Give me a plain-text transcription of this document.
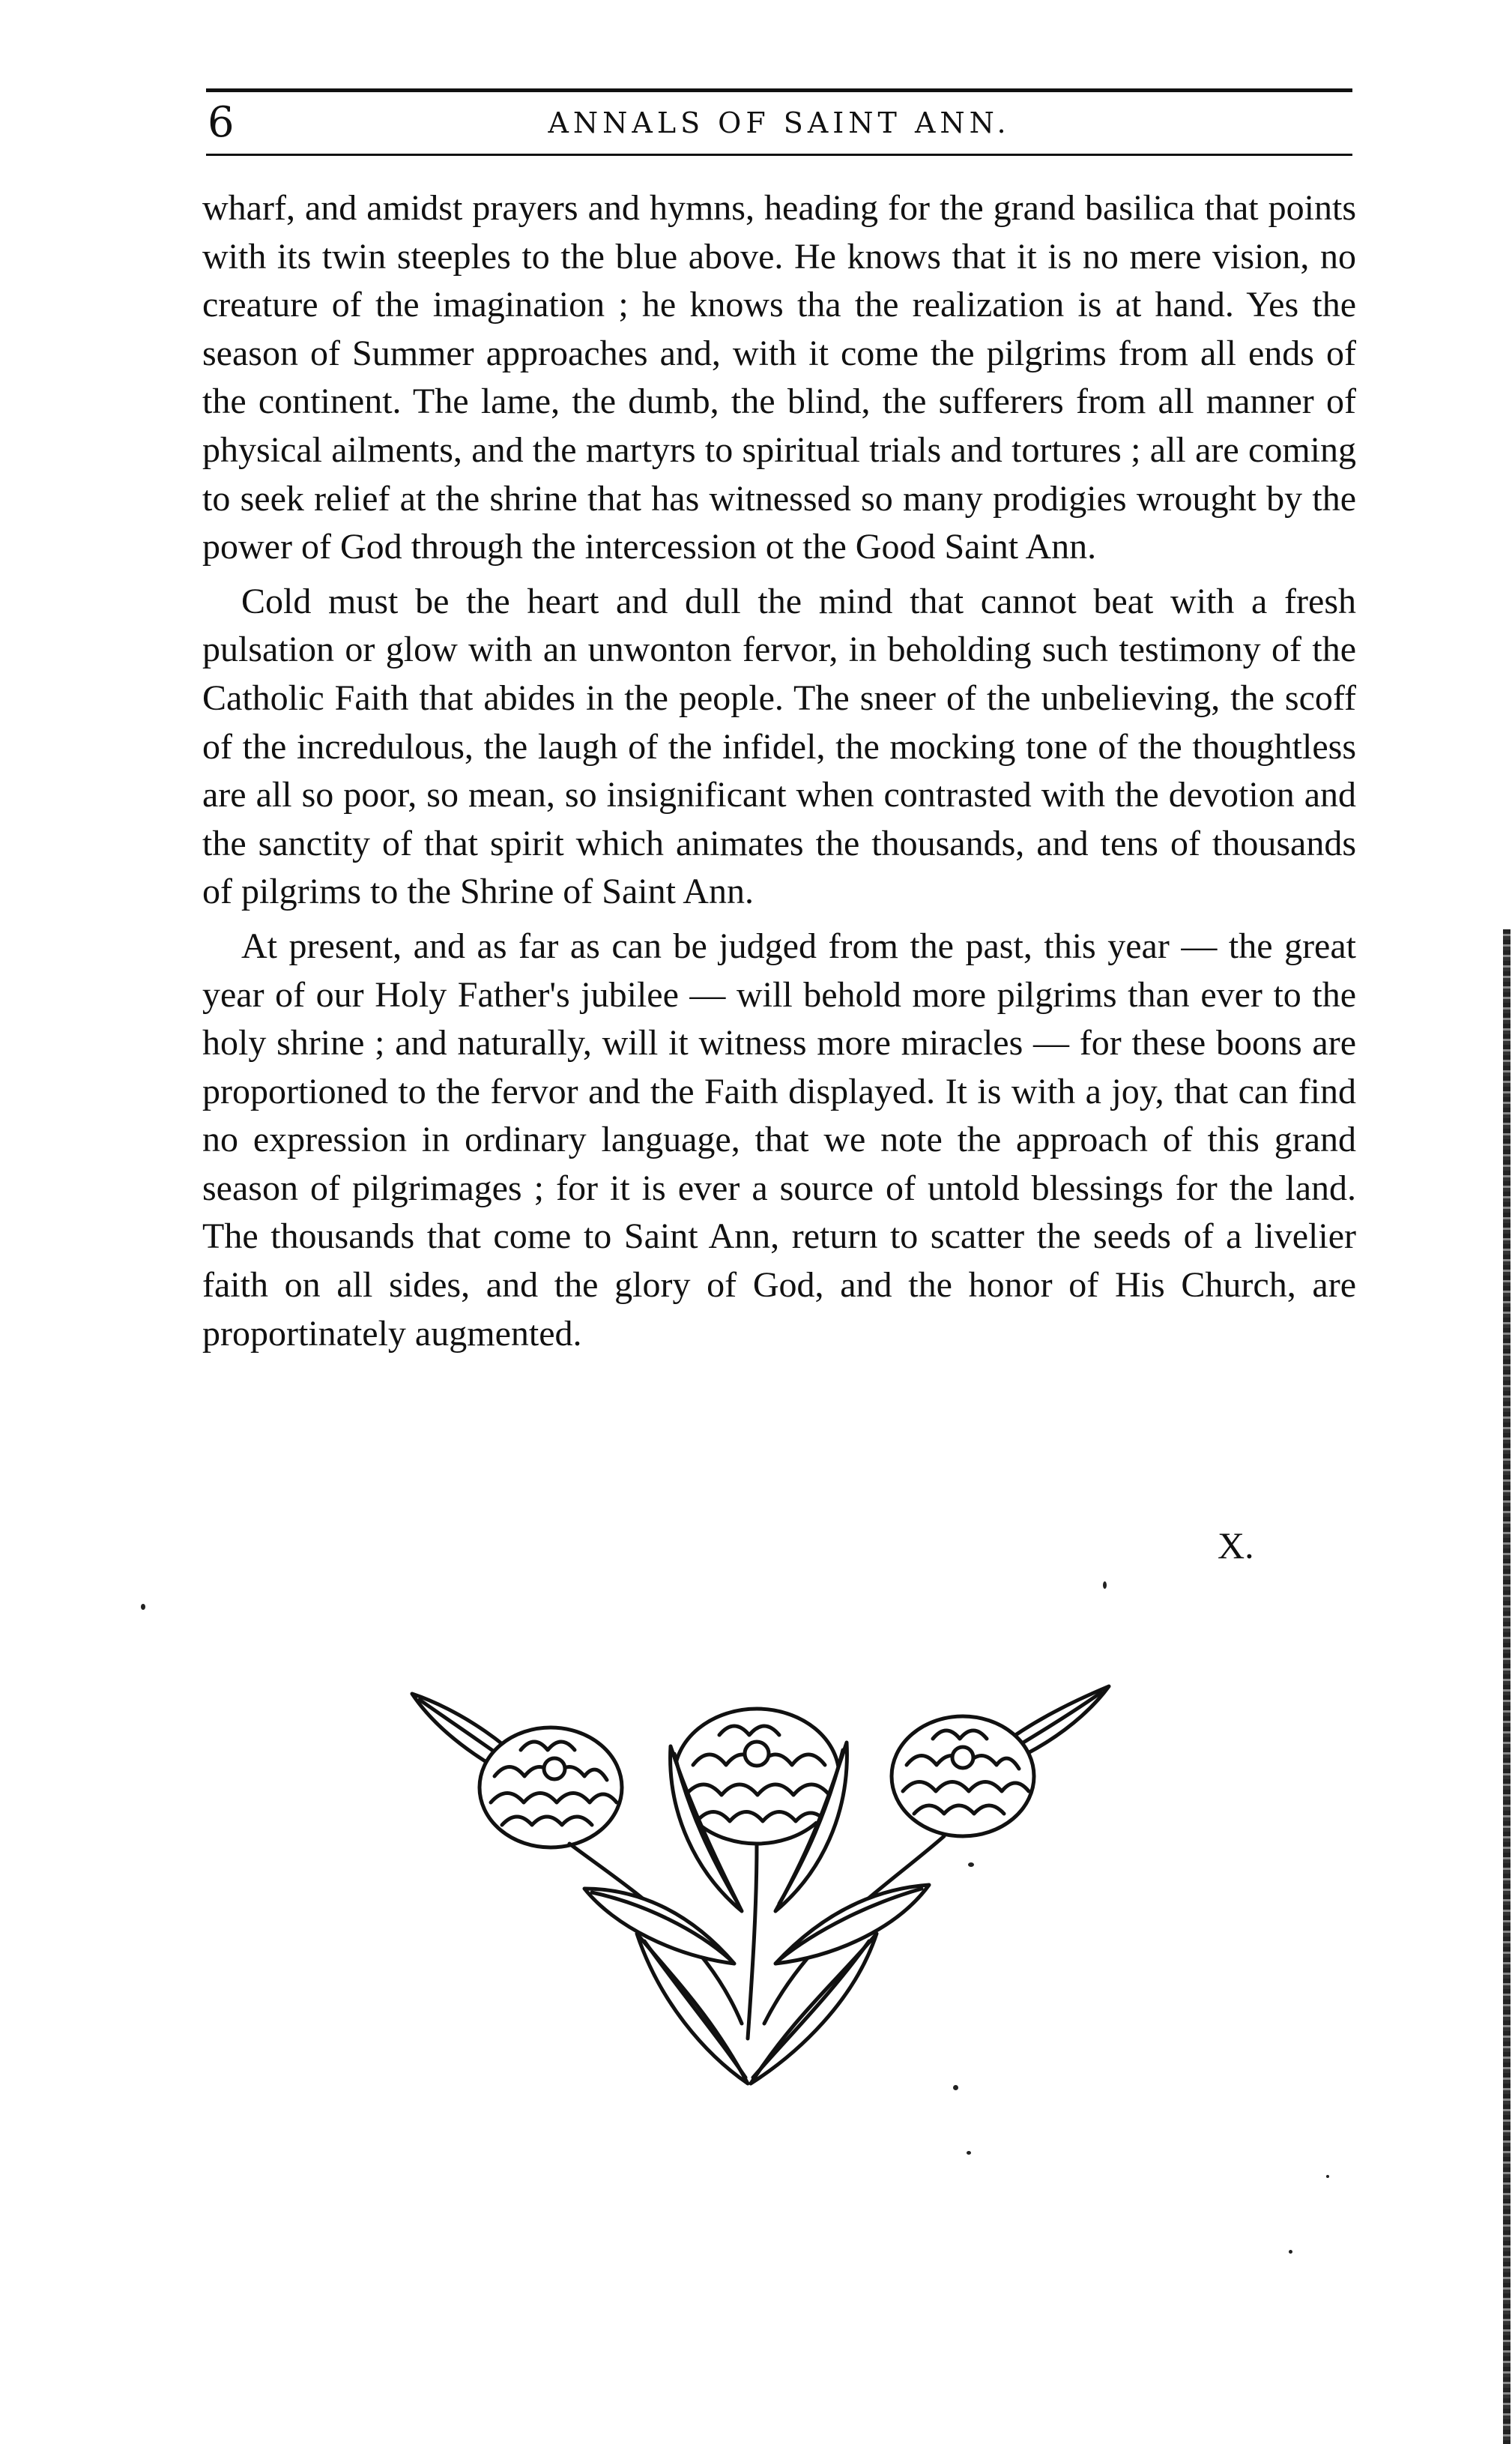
6	ANNALS OF SAINT ANN.

wharf, and amidst prayers and hymns, heading for the grand basilica that points with its twin steeples to the blue above. He knows that it is no mere vision, no creature of the imagination ; he knows tha the realization is at hand. Yes the season of Summer approaches and, with it come the pilgrims from all ends of the continent. The lame, the dumb, the blind, the sufferers from all manner of physical ailments, and the martyrs to spiritual trials and tortures ; all are coming to seek relief at the shrine that has witnessed so many prodigies wrought by the power of God through the intercession ot the Good Saint Ann.

Cold must be the heart and dull the mind that cannot beat with a fresh pulsation or glow with an unwonton fervor, in beholding such testimony of the Catholic Faith that abides in the people. The sneer of the unbelieving, the scoff of the incredulous, the laugh of the infidel, the mocking tone of the thoughtless are all so poor, so mean, so insignificant when contrasted with the devotion and the sanctity of that spirit which animates the thousands, and tens of thousands of pilgrims to the Shrine of Saint Ann.

At present, and as far as can be judged from the past, this year — the great year of our Holy Father's jubilee — will behold more pilgrims than ever to the holy shrine ; and naturally, will it witness more miracles — for these boons are proportioned to the fervor and the Faith displayed. It is with a joy, that can find no expression in ordinary language, that we note the approach of this grand season of pilgrimages ; for it is ever a source of untold blessings for the land. The thousands that come to Saint Ann, return to scatter the seeds of a livelier faith on all sides, and the glory of God, and the honor of His Church, are proportinately augmented.

X.
